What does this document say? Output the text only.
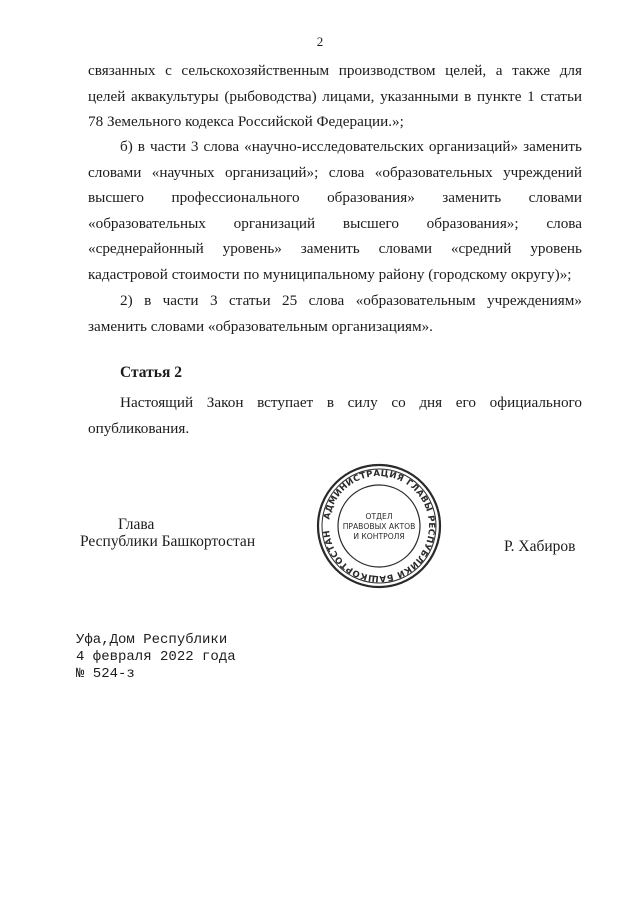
2

связанных с сельскохозяйственным производством целей, а также для целей аквакультуры (рыбоводства) лицами, указанными в пункте 1 статьи 78 Земельного кодекса Российской Федерации.»;

б) в части 3 слова «научно-исследовательских организаций» заменить словами «научных организаций»; слова «образовательных учреждений высшего профессионального образования» заменить словами «образовательных организаций высшего образования»; слова «среднерайонный уровень» заменить словами «средний уровень кадастровой стоимости по муниципальному району (городскому округу)»;

2) в части 3 статьи 25 слова «образовательным учреждениям» заменить словами «образовательным организациям».

Статья 2

Настоящий Закон вступает в силу со дня его официального опубликования.

Глава
Республики Башкортостан	Р. Хабиров
АДМИНИСТРАЦИЯ ГЛАВЫ РЕСПУБЛИКИ БАШКОРТОСТАН
ОТДЕЛ
ПРАВОВЫХ АКТОВ
И КОНТРОЛЯ
Уфа,Дом Республики
4 февраля 2022 года
№ 524-з
